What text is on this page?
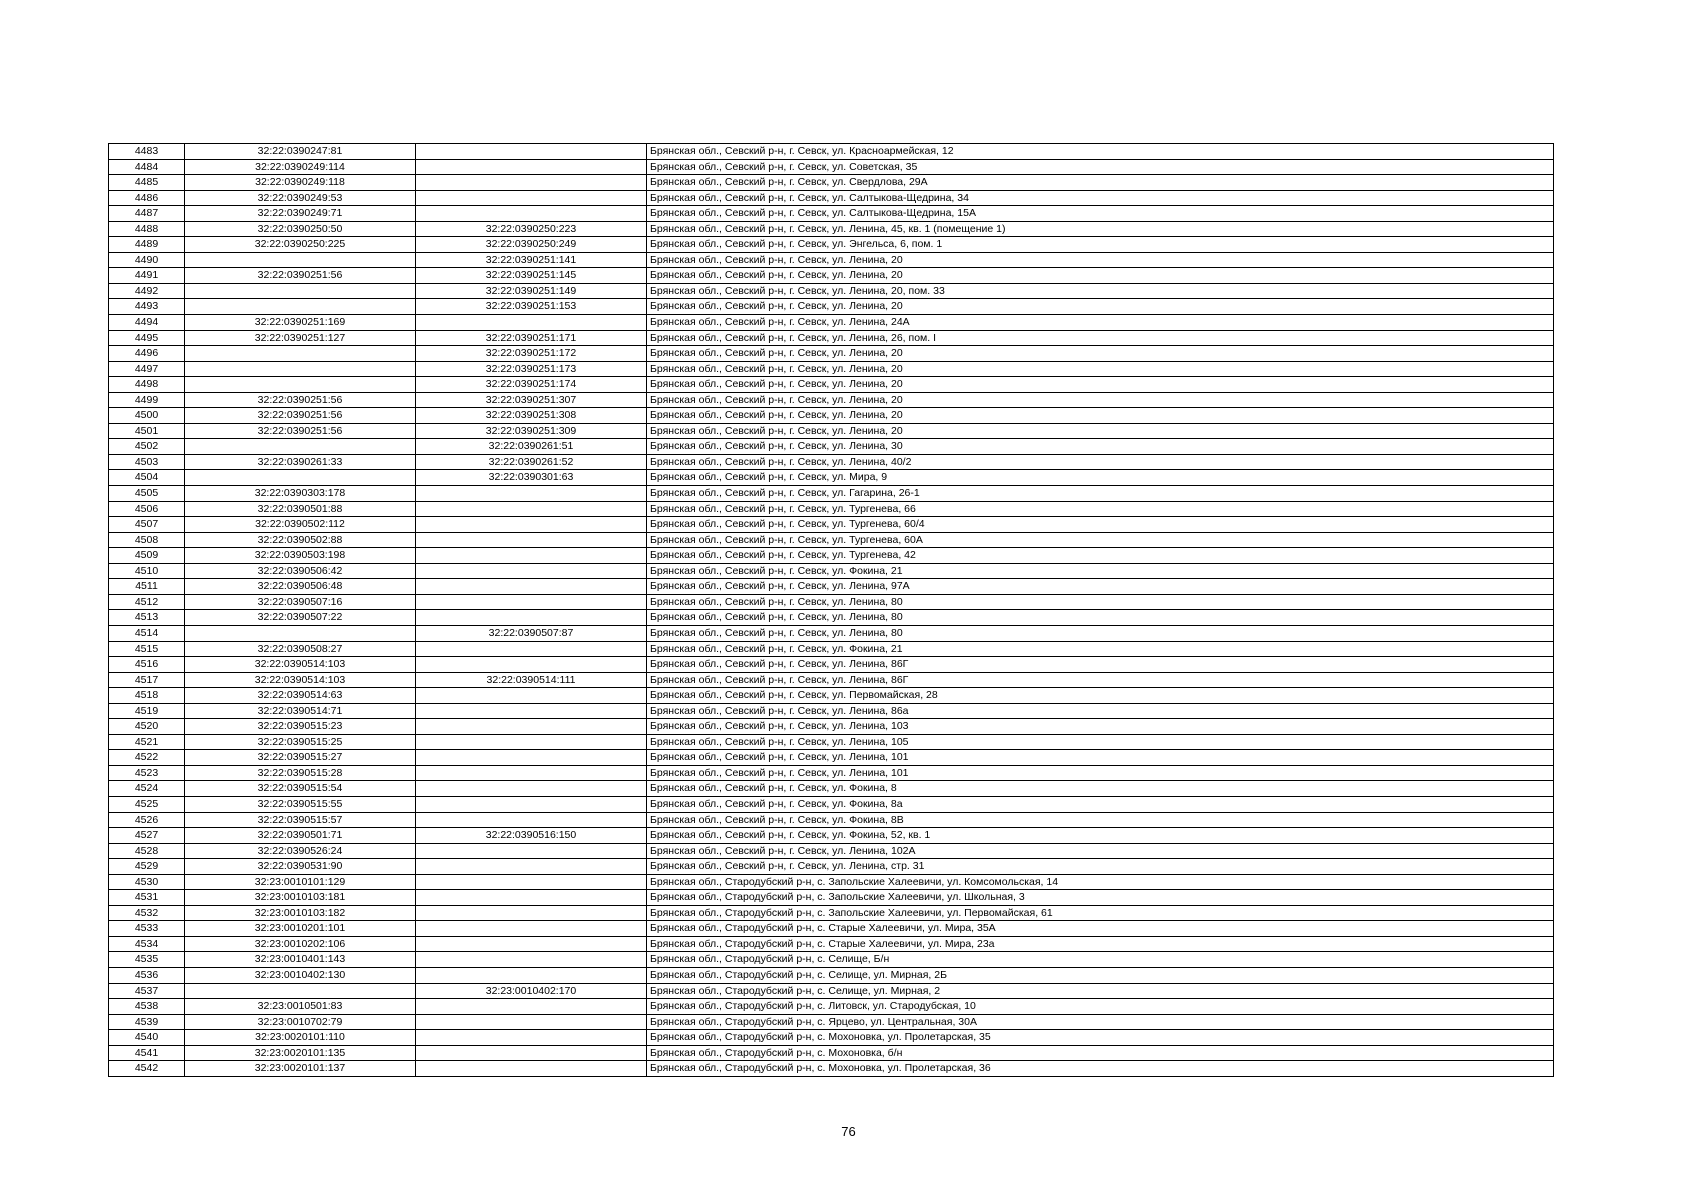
4483	32:22:0390247:81		Брянская обл., Севский р-н, г. Севск, ул. Красноармейская, 12
4484	32:22:0390249:114		Брянская обл., Севский р-н, г. Севск, ул. Советская, 35
4485	32:22:0390249:118		Брянская обл., Севский р-н, г. Севск, ул. Свердлова, 29А
4486	32:22:0390249:53		Брянская обл., Севский р-н, г. Севск, ул. Салтыкова-Щедрина, 34
4487	32:22:0390249:71		Брянская обл., Севский р-н, г. Севск, ул. Салтыкова-Щедрина, 15А
4488	32:22:0390250:50	32:22:0390250:223	Брянская обл., Севский р-н, г. Севск, ул. Ленина, 45, кв. 1 (помещение 1)
4489	32:22:0390250:225	32:22:0390250:249	Брянская обл., Севский р-н, г. Севск, ул. Энгельса, 6, пом. 1
4490		32:22:0390251:141	Брянская обл., Севский р-н, г. Севск, ул. Ленина, 20
4491	32:22:0390251:56	32:22:0390251:145	Брянская обл., Севский р-н, г. Севск, ул. Ленина, 20
4492		32:22:0390251:149	Брянская обл., Севский р-н, г. Севск, ул. Ленина, 20, пом. 33
4493		32:22:0390251:153	Брянская обл., Севский р-н, г. Севск, ул. Ленина, 20
4494	32:22:0390251:169		Брянская обл., Севский р-н, г. Севск, ул. Ленина, 24А
4495	32:22:0390251:127	32:22:0390251:171	Брянская обл., Севский р-н, г. Севск, ул. Ленина, 26, пом. I
4496		32:22:0390251:172	Брянская обл., Севский р-н, г. Севск, ул. Ленина, 20
4497		32:22:0390251:173	Брянская обл., Севский р-н, г. Севск, ул. Ленина, 20
4498		32:22:0390251:174	Брянская обл., Севский р-н, г. Севск, ул. Ленина, 20
4499	32:22:0390251:56	32:22:0390251:307	Брянская обл., Севский р-н, г. Севск, ул. Ленина, 20
4500	32:22:0390251:56	32:22:0390251:308	Брянская обл., Севский р-н, г. Севск, ул. Ленина, 20
4501	32:22:0390251:56	32:22:0390251:309	Брянская обл., Севский р-н, г. Севск, ул. Ленина, 20
4502		32:22:0390261:51	Брянская обл., Севский р-н, г. Севск, ул. Ленина, 30
4503	32:22:0390261:33	32:22:0390261:52	Брянская обл., Севский р-н, г. Севск, ул. Ленина, 40/2
4504		32:22:0390301:63	Брянская обл., Севский р-н, г. Севск, ул. Мира, 9
4505	32:22:0390303:178		Брянская обл., Севский р-н, г. Севск, ул. Гагарина, 26-1
4506	32:22:0390501:88		Брянская обл., Севский р-н, г. Севск, ул. Тургенева, 66
4507	32:22:0390502:112		Брянская обл., Севский р-н, г. Севск, ул. Тургенева, 60/4
4508	32:22:0390502:88		Брянская обл., Севский р-н, г. Севск, ул. Тургенева, 60А
4509	32:22:0390503:198		Брянская обл., Севский р-н, г. Севск, ул. Тургенева, 42
4510	32:22:0390506:42		Брянская обл., Севский р-н, г. Севск, ул. Фокина, 21
4511	32:22:0390506:48		Брянская обл., Севский р-н, г. Севск, ул. Ленина, 97А
4512	32:22:0390507:16		Брянская обл., Севский р-н, г. Севск, ул. Ленина, 80
4513	32:22:0390507:22		Брянская обл., Севский р-н, г. Севск, ул. Ленина, 80
4514		32:22:0390507:87	Брянская обл., Севский р-н, г. Севск, ул. Ленина, 80
4515	32:22:0390508:27		Брянская обл., Севский р-н, г. Севск, ул. Фокина, 21
4516	32:22:0390514:103		Брянская обл., Севский р-н, г. Севск, ул. Ленина, 86Г
4517	32:22:0390514:103	32:22:0390514:111	Брянская обл., Севский р-н, г. Севск, ул. Ленина, 86Г
4518	32:22:0390514:63		Брянская обл., Севский р-н, г. Севск, ул. Первомайская, 28
4519	32:22:0390514:71		Брянская обл., Севский р-н, г. Севск, ул. Ленина, 86а
4520	32:22:0390515:23		Брянская обл., Севский р-н, г. Севск, ул. Ленина, 103
4521	32:22:0390515:25		Брянская обл., Севский р-н, г. Севск, ул. Ленина, 105
4522	32:22:0390515:27		Брянская обл., Севский р-н, г. Севск, ул. Ленина, 101
4523	32:22:0390515:28		Брянская обл., Севский р-н, г. Севск, ул. Ленина, 101
4524	32:22:0390515:54		Брянская обл., Севский р-н, г. Севск, ул. Фокина, 8
4525	32:22:0390515:55		Брянская обл., Севский р-н, г. Севск, ул. Фокина, 8а
4526	32:22:0390515:57		Брянская обл., Севский р-н, г. Севск, ул. Фокина, 8В
4527	32:22:0390501:71	32:22:0390516:150	Брянская обл., Севский р-н, г. Севск, ул. Фокина, 52, кв. 1
4528	32:22:0390526:24		Брянская обл., Севский р-н, г. Севск, ул. Ленина, 102А
4529	32:22:0390531:90		Брянская обл., Севский р-н, г. Севск, ул. Ленина, стр. 31
4530	32:23:0010101:129		Брянская обл., Стародубский р-н, с. Запольские Халеевичи, ул. Комсомольская, 14
4531	32:23:0010103:181		Брянская обл., Стародубский р-н, с. Запольские Халеевичи, ул. Школьная, 3
4532	32:23:0010103:182		Брянская обл., Стародубский р-н, с. Запольские Халеевичи, ул. Первомайская, 61
4533	32:23:0010201:101		Брянская обл., Стародубский р-н, с. Старые Халеевичи, ул. Мира, 35А
4534	32:23:0010202:106		Брянская обл., Стародубский р-н, с. Старые Халеевичи, ул. Мира, 23а
4535	32:23:0010401:143		Брянская обл., Стародубский р-н, с. Селище, Б/н
4536	32:23:0010402:130		Брянская обл., Стародубский р-н, с. Селище, ул. Мирная, 2Б
4537		32:23:0010402:170	Брянская обл., Стародубский р-н, с. Селище, ул. Мирная, 2
4538	32:23:0010501:83		Брянская обл., Стародубский р-н, с. Литовск, ул. Стародубская, 10
4539	32:23:0010702:79		Брянская обл., Стародубский р-н, с. Ярцево, ул. Центральная, 30А
4540	32:23:0020101:110		Брянская обл., Стародубский р-н, с. Мохоновка, ул. Пролетарская, 35
4541	32:23:0020101:135		Брянская обл., Стародубский р-н, с. Мохоновка, б/н
4542	32:23:0020101:137		Брянская обл., Стародубский р-н, с. Мохоновка, ул. Пролетарская, 36
76
